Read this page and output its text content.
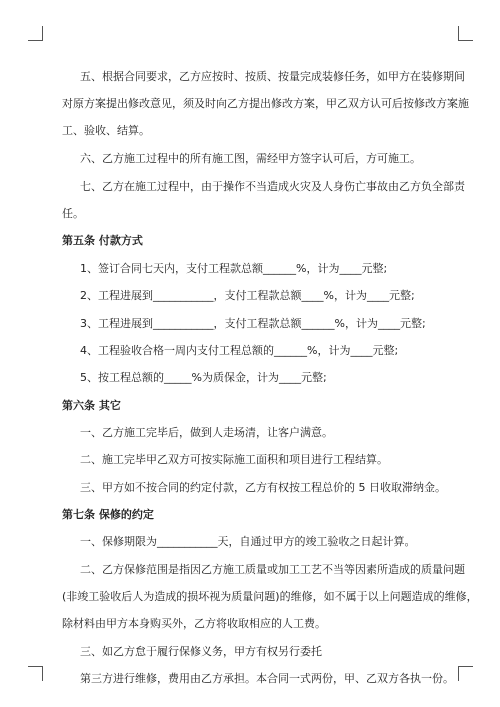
五、根据合同要求，乙方应按时、按质、按量完成装修任务，如甲方在装修期间
对原方案提出修改意见，须及时向乙方提出修改方案，甲乙双方认可后按修改方案施
工、验收、结算。
六、乙方施工过程中的所有施工图，需经甲方签字认可后，方可施工。
七、乙方在施工过程中，由于操作不当造成火灾及人身伤亡事故由乙方负全部责
任。
第五条 付款方式
1、签订合同七天内，支付工程款总额______%，计为____元整;
2、工程进展到___________，支付工程款总额____%，计为____元整;
3、工程进展到___________，支付工程款总额______%，计为____元整;
4、工程验收合格一周内支付工程总额的______%，计为____元整;
5、按工程总额的_____%为质保金，计为____元整;
第六条 其它
一、乙方施工完毕后，做到人走场清，让客户满意。
二、施工完毕甲乙双方可按实际施工面积和项目进行工程结算。
三、甲方如不按合同的约定付款，乙方有权按工程总价的 5 日收取滞纳金。
第七条 保修的约定
一、保修期限为___________天，自通过甲方的竣工验收之日起计算。
二、乙方保修范围是指因乙方施工质量或加工工艺不当等因素所造成的质量问题
(非竣工验收后人为造成的损坏视为质量问题)的维修，如不属于以上问题造成的维修，
除材料由甲方本身购买外，乙方将收取相应的人工费。
三、如乙方怠于履行保修义务，甲方有权另行委托
第三方进行维修，费用由乙方承担。本合同一式两份，甲、乙双方各执一份。
